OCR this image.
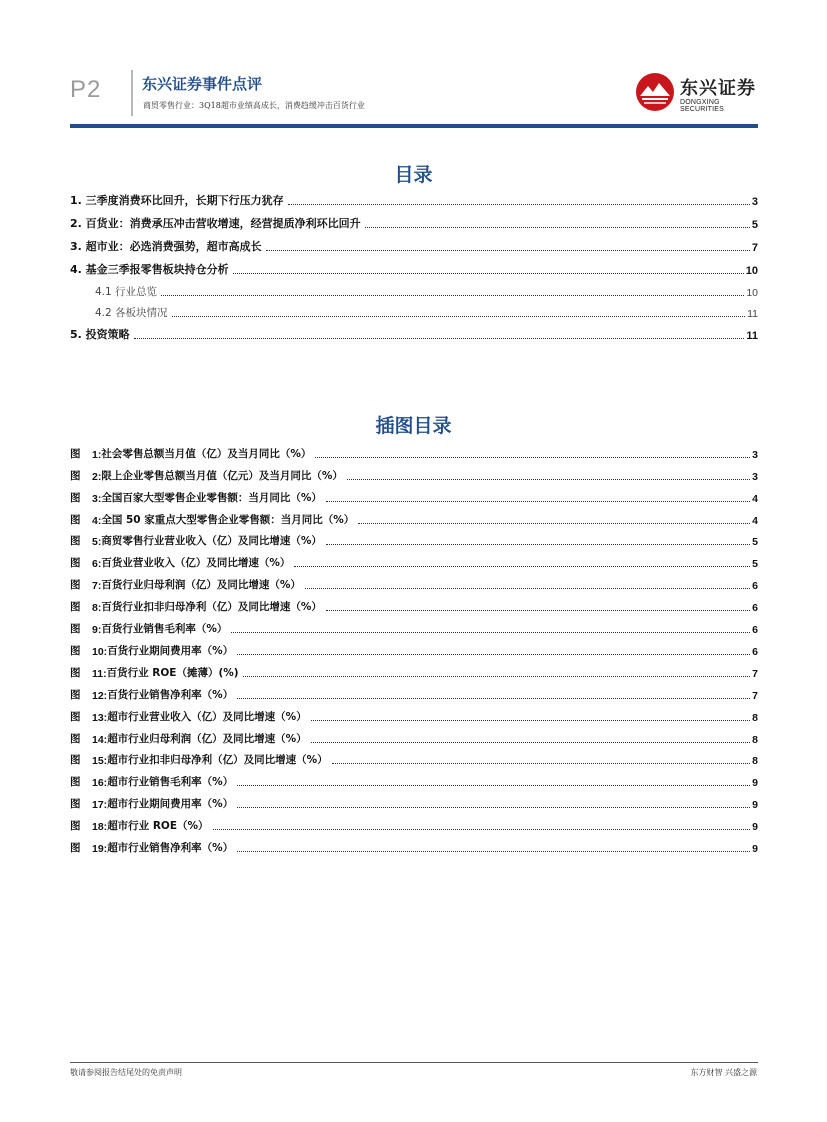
P2	东兴证券事件点评
商贸零售行业：3Q18超市业绩高成长，消费趋缓冲击百货行业
东兴证券
DONGXING SECURITIES
目录
1. 三季度消费环比回升，长期下行压力犹存	3
2. 百货业：消费承压冲击营收增速，经营提质净利环比回升	5
3. 超市业：必选消费强势，超市高成长	7
4. 基金三季报零售板块持仓分析	10
4.1 行业总览	10
4.2 各板块情况	11
5. 投资策略	11
插图目录
图	1: 社会零售总额当月值（亿）及当月同比（%）	3
图	2: 限上企业零售总额当月值（亿元）及当月同比（%）	3
图	3: 全国百家大型零售企业零售额：当月同比（%）	4
图	4: 全国 50 家重点大型零售企业零售额：当月同比（%）	4
图	5: 商贸零售行业营业收入（亿）及同比增速（%）	5
图	6: 百货业营业收入（亿）及同比增速（%）	5
图	7: 百货行业归母利润（亿）及同比增速（%）	6
图	8: 百货行业扣非归母净利（亿）及同比增速（%）	6
图	9: 百货行业销售毛利率（%）	6
图	10: 百货行业期间费用率（%）	6
图	11: 百货行业 ROE（摊薄）(%)	7
图	12: 百货行业销售净利率（%）	7
图	13: 超市行业营业收入（亿）及同比增速（%）	8
图	14: 超市行业归母利润（亿）及同比增速（%）	8
图	15: 超市行业扣非归母净利（亿）及同比增速（%）	8
图	16: 超市行业销售毛利率（%）	9
图	17: 超市行业期间费用率（%）	9
图	18: 超市行业 ROE（%）	9
图	19: 超市行业销售净利率（%）	9
敬请参阅报告结尾处的免责声明	东方财智 兴盛之源
